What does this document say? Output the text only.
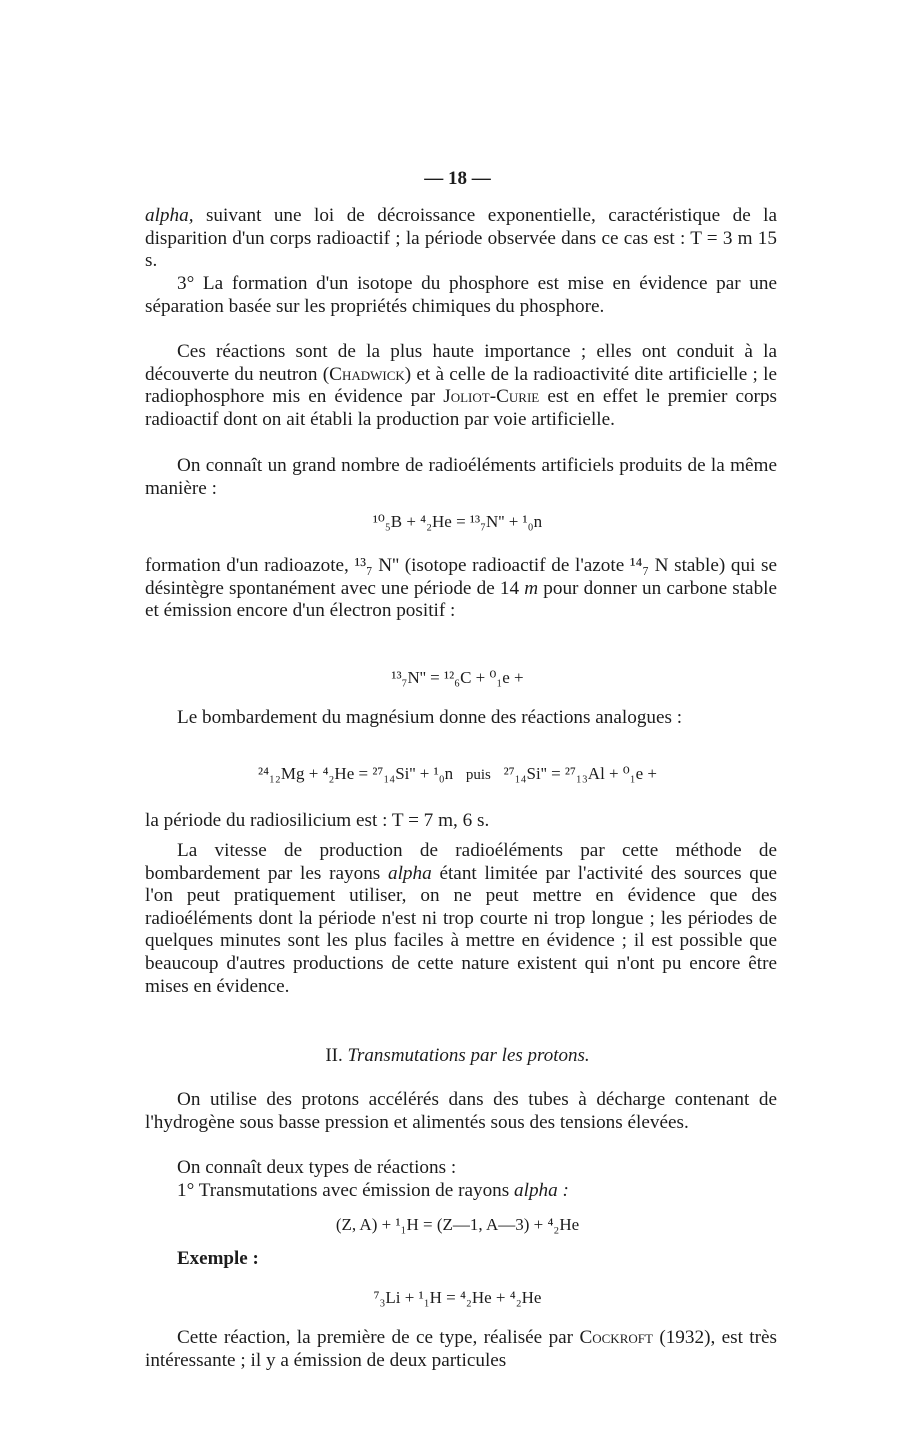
— 18 —

alpha, suivant une loi de décroissance exponentielle, caractéristique de la disparition d'un corps radioactif ; la période observée dans ce cas est : T = 3 m 15 s.

3° La formation d'un isotope du phosphore est mise en évidence par une séparation basée sur les propriétés chimiques du phosphore.

Ces réactions sont de la plus haute importance ; elles ont conduit à la découverte du neutron (Chadwick) et à celle de la radioactivité dite artificielle ; le radiophosphore mis en évidence par Joliot-Curie est en effet le premier corps radioactif dont on ait établi la production par voie artificielle.

On connaît un grand nombre de radioéléments artificiels produits de la même manière :

¹⁰₅B + ⁴₂He = ¹³₇N'' + ¹₀n

formation d'un radioazote, ¹³₇ N'' (isotope radioactif de l'azote ¹⁴₇ N stable) qui se désintègre spontanément avec une période de 14 m pour donner un carbone stable et émission encore d'un électron positif :

¹³₇N'' = ¹²₆C + ⁰₁e +

Le bombardement du magnésium donne des réactions analogues :

²⁴₁₂Mg + ⁴₂He = ²⁷₁₄Si'' + ¹₀n puis ²⁷₁₄Si'' = ²⁷₁₃Al + ⁰₁e +

la période du radiosilicium est : T = 7 m, 6 s.

La vitesse de production de radioéléments par cette méthode de bombardement par les rayons alpha étant limitée par l'activité des sources que l'on peut pratiquement utiliser, on ne peut mettre en évidence que des radioéléments dont la période n'est ni trop courte ni trop longue ; les périodes de quelques minutes sont les plus faciles à mettre en évidence ; il est possible que beaucoup d'autres productions de cette nature existent qui n'ont pu encore être mises en évidence.

II. Transmutations par les protons.

On utilise des protons accélérés dans des tubes à décharge contenant de l'hydrogène sous basse pression et alimentés sous des tensions élevées.

On connaît deux types de réactions :

1° Transmutations avec émission de rayons alpha :

(Z, A) + ¹₁H = (Z—1, A—3) + ⁴₂He
Exemple :
⁷₃Li + ¹₁H = ⁴₂He + ⁴₂He

Cette réaction, la première de ce type, réalisée par Cockroft (1932), est très intéressante ; il y a émission de deux particules
